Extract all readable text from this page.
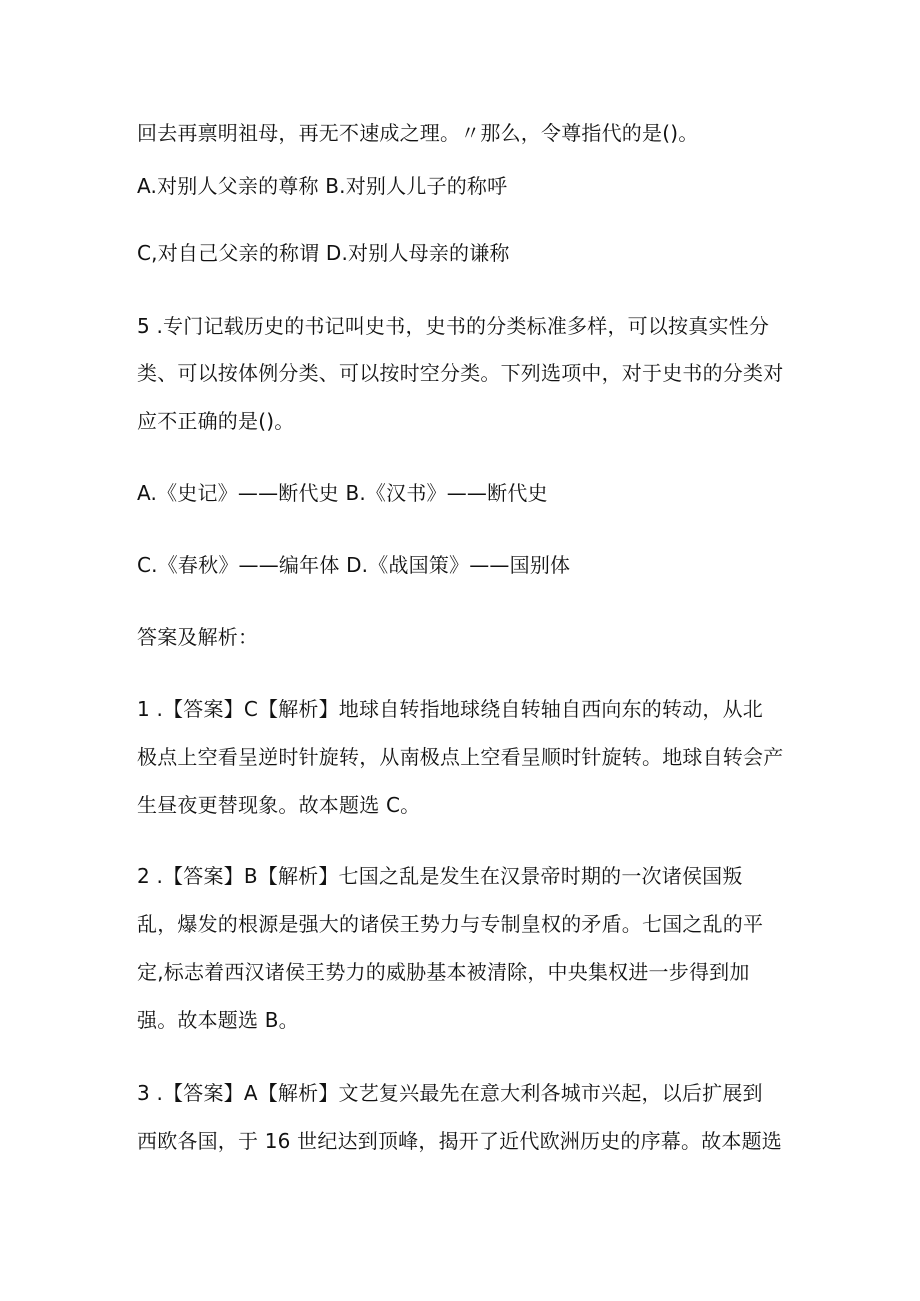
回去再禀明祖母，再无不速成之理。〃那么，令尊指代的是()。
A.对别人父亲的尊称 B.对别人儿子的称呼
C,对自己父亲的称谓 D.对别人母亲的谦称
5 .专门记载历史的书记叫史书，史书的分类标准多样，可以按真实性分
类、可以按体例分类、可以按时空分类。下列选项中，对于史书的分类对
应不正确的是()。
A.《史记》——断代史 B.《汉书》——断代史
C.《春秋》——编年体 D.《战国策》——国别体
答案及解析：
1 .【答案】C【解析】地球自转指地球绕自转轴自西向东的转动，从北
极点上空看呈逆时针旋转，从南极点上空看呈顺时针旋转。地球自转会产
生昼夜更替现象。故本题选 C。
2 .【答案】B【解析】七国之乱是发生在汉景帝时期的一次诸侯国叛
乱，爆发的根源是强大的诸侯王势力与专制皇权的矛盾。七国之乱的平
定,标志着西汉诸侯王势力的威胁基本被清除，中央集权进一步得到加
强。故本题选 B。
3 .【答案】A【解析】文艺复兴最先在意大利各城市兴起，以后扩展到
西欧各国，于 16 世纪达到顶峰，揭开了近代欧洲历史的序幕。故本题选
